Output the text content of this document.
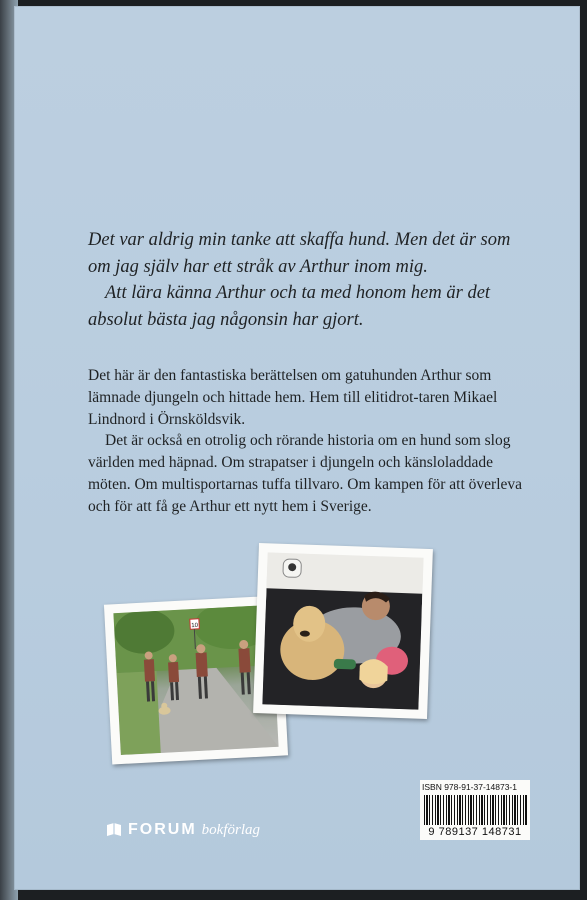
Det var aldrig min tanke att skaffa hund. Men det är som om jag själv har ett stråk av Arthur inom mig.

Att lära känna Arthur och ta med honom hem är det absolut bästa jag någonsin har gjort.

Det här är den fantastiska berättelsen om gatuhunden Arthur som lämnade djungeln och hittade hem. Hem till elitidrot-taren Mikael Lindnord i Örnsköldsvik.

Det är också en otrolig och rörande historia om en hund som slog världen med häpnad. Om strapatser i djungeln och känsloladdade möten. Om multisportarnas tuffa tillvaro. Om kampen för att överleva och för att få ge Arthur ett nytt hem i Sverige.

10
ISBN 978-91-37-14873-1
9 789137 148731
FORUM bokförlag
